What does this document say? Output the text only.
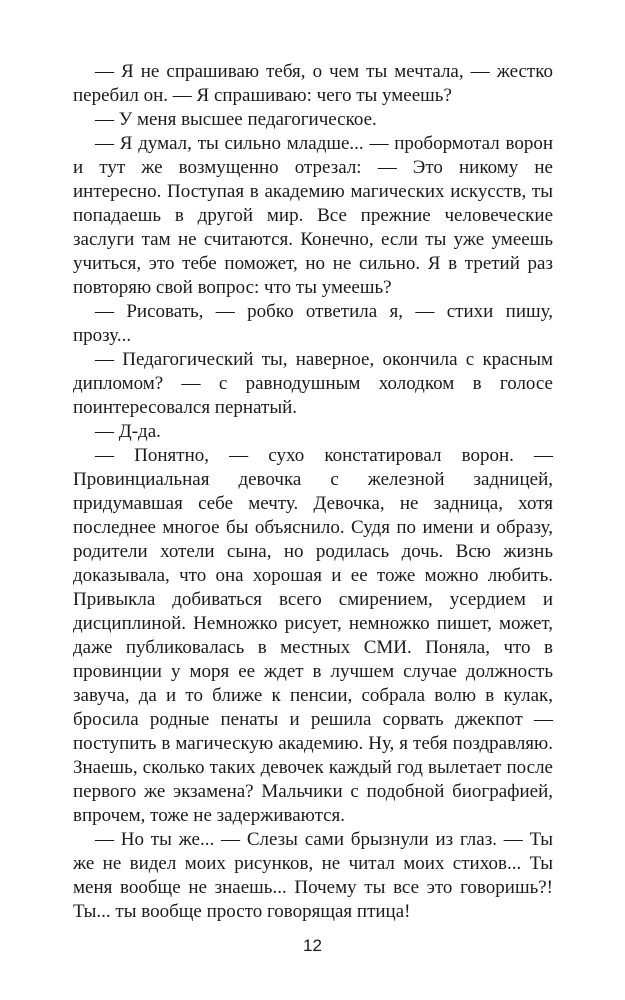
— Я не спрашиваю тебя, о чем ты мечтала, — жестко перебил он. — Я спрашиваю: чего ты умеешь?

— У меня высшее педагогическое.

— Я думал, ты сильно младше... — пробормотал ворон и тут же возмущенно отрезал: — Это никому не интересно. Поступая в академию магических искусств, ты попадаешь в другой мир. Все прежние человеческие заслуги там не считаются. Конечно, если ты уже умеешь учиться, это тебе поможет, но не сильно. Я в третий раз повторяю свой вопрос: что ты умеешь?

— Рисовать, — робко ответила я, — стихи пишу, прозу...

— Педагогический ты, наверное, окончила с красным дипломом? — с равнодушным холодком в голосе поинтересовался пернатый.

— Д-да.

— Понятно, — сухо констатировал ворон. — Провинциальная девочка с железной задницей, придумавшая себе мечту. Девочка, не задница, хотя последнее многое бы объяснило. Судя по имени и образу, родители хотели сына, но родилась дочь. Всю жизнь доказывала, что она хорошая и ее тоже можно любить. Привыкла добиваться всего смирением, усердием и дисциплиной. Немножко рисует, немножко пишет, может, даже публиковалась в местных СМИ. Поняла, что в провинции у моря ее ждет в лучшем случае должность завуча, да и то ближе к пенсии, собрала волю в кулак, бросила родные пенаты и решила сорвать джекпот — поступить в магическую академию. Ну, я тебя поздравляю. Знаешь, сколько таких девочек каждый год вылетает после первого же экзамена? Мальчики с подобной биографией, впрочем, тоже не задерживаются.

— Но ты же... — Слезы сами брызнули из глаз. — Ты же не видел моих рисунков, не читал моих стихов... Ты меня вообще не знаешь... Почему ты все это говоришь?! Ты... ты вообще просто говорящая птица!

12
